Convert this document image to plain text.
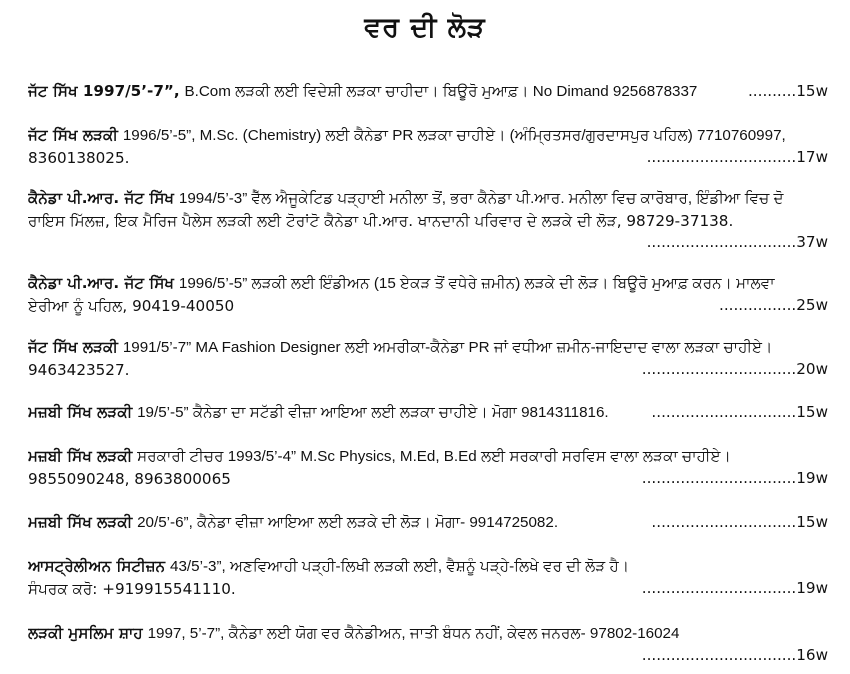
ਵਰ ਦੀ ਲੋੜ
ਜੱਟ ਸਿੱਖ 1997/5’-7”, B.Com ਲੜਕੀ ਲਈ ਵਿਦੇਸ਼ੀ ਲੜਕਾ ਚਾਹੀਦਾ। ਬਿਊਰੋ ਮੁਆਫ਼। No Dimand 9256878337	..........15w
ਜੱਟ ਸਿੱਖ ਲੜਕੀ 1996/5’-5”, M.Sc. (Chemistry) ਲਈ ਕੈਨੇਡਾ PR ਲੜਕਾ ਚਾਹੀਏ। (ਅੰਮ੍ਰਿਤਸਰ/ਗੁਰਦਾਸਪੁਰ ਪਹਿਲ) 7710760997,
8360138025.	...............................17w
ਕੈਨੇਡਾ ਪੀ.ਆਰ. ਜੱਟ ਸਿੱਖ 1994/5’-3” ਵੈੱਲ ਐਜੂਕੇਟਿਡ ਪੜ੍ਹਾਈ ਮਨੀਲਾ ਤੋਂ, ਭਰਾ ਕੈਨੇਡਾ ਪੀ.ਆਰ. ਮਨੀਲਾ ਵਿਚ ਕਾਰੋਬਾਰ, ਇੰਡੀਆ ਵਿਚ ਦੋ
ਰਾਇਸ ਮਿੱਲਜ਼, ਇਕ ਮੈਰਿਜ ਪੈਲੇਸ ਲੜਕੀ ਲਈ ਟੋਰਾਂਟੋ ਕੈਨੇਡਾ ਪੀ.ਆਰ. ਖਾਨਦਾਨੀ ਪਰਿਵਾਰ ਦੇ ਲੜਕੇ ਦੀ ਲੋੜ, 98729-37138.
...............................37w
ਕੈਨੇਡਾ ਪੀ.ਆਰ. ਜੱਟ ਸਿੱਖ 1996/5’-5” ਲੜਕੀ ਲਈ ਇੰਡੀਅਨ (15 ਏਕੜ ਤੋਂ ਵਧੇਰੇ ਜ਼ਮੀਨ) ਲੜਕੇ ਦੀ ਲੋੜ। ਬਿਊਰੋ ਮੁਆਫ਼ ਕਰਨ। ਮਾਲਵਾ
ਏਰੀਆ ਨੂੰ ਪਹਿਲ, 90419-40050	................25w
ਜੱਟ ਸਿੱਖ ਲੜਕੀ 1991/5’-7” MA Fashion Designer ਲਈ ਅਮਰੀਕਾ-ਕੈਨੇਡਾ PR ਜਾਂ ਵਧੀਆ ਜ਼ਮੀਨ-ਜਾਇਦਾਦ ਵਾਲਾ ਲੜਕਾ ਚਾਹੀਏ।
9463423527.	................................20w
ਮਜ਼ਬੀ ਸਿੱਖ ਲੜਕੀ 19/5’-5” ਕੈਨੇਡਾ ਦਾ ਸਟੱਡੀ ਵੀਜ਼ਾ ਆਇਆ ਲਈ ਲੜਕਾ ਚਾਹੀਏ। ਮੋਗਾ 9814311816.	..............................15w
ਮਜ਼ਬੀ ਸਿੱਖ ਲੜਕੀ ਸਰਕਾਰੀ ਟੀਚਰ 1993/5’-4” M.Sc Physics, M.Ed, B.Ed ਲਈ ਸਰਕਾਰੀ ਸਰਵਿਸ ਵਾਲਾ ਲੜਕਾ ਚਾਹੀਏ।
9855090248, 8963800065	................................19w
ਮਜ਼ਬੀ ਸਿੱਖ ਲੜਕੀ 20/5’-6”, ਕੈਨੇਡਾ ਵੀਜ਼ਾ ਆਇਆ ਲਈ ਲੜਕੇ ਦੀ ਲੋੜ। ਮੋਗਾ- 9914725082.	..............................15w
ਆਸਟ੍ਰੇਲੀਅਨ ਸਿਟੀਜ਼ਨ 43/5’-3”, ਅਣਵਿਆਹੀ ਪੜ੍ਹੀ-ਲਿਖੀ ਲੜਕੀ ਲਈ, ਵੈਸ਼ਨੂੰ ਪੜ੍ਹੇ-ਲਿਖੇ ਵਰ ਦੀ ਲੋੜ ਹੈ।
ਸੰਪਰਕ ਕਰੋ: +919915541110.	................................19w
ਲੜਕੀ ਮੁਸਲਿਮ ਸ਼ਾਹ 1997, 5’-7”, ਕੈਨੇਡਾ ਲਈ ਯੋਗ ਵਰ ਕੈਨੇਡੀਅਨ, ਜਾਤੀ ਬੰਧਨ ਨਹੀਂ, ਕੇਵਲ ਜਨਰਲ- 97802-16024
................................16w
